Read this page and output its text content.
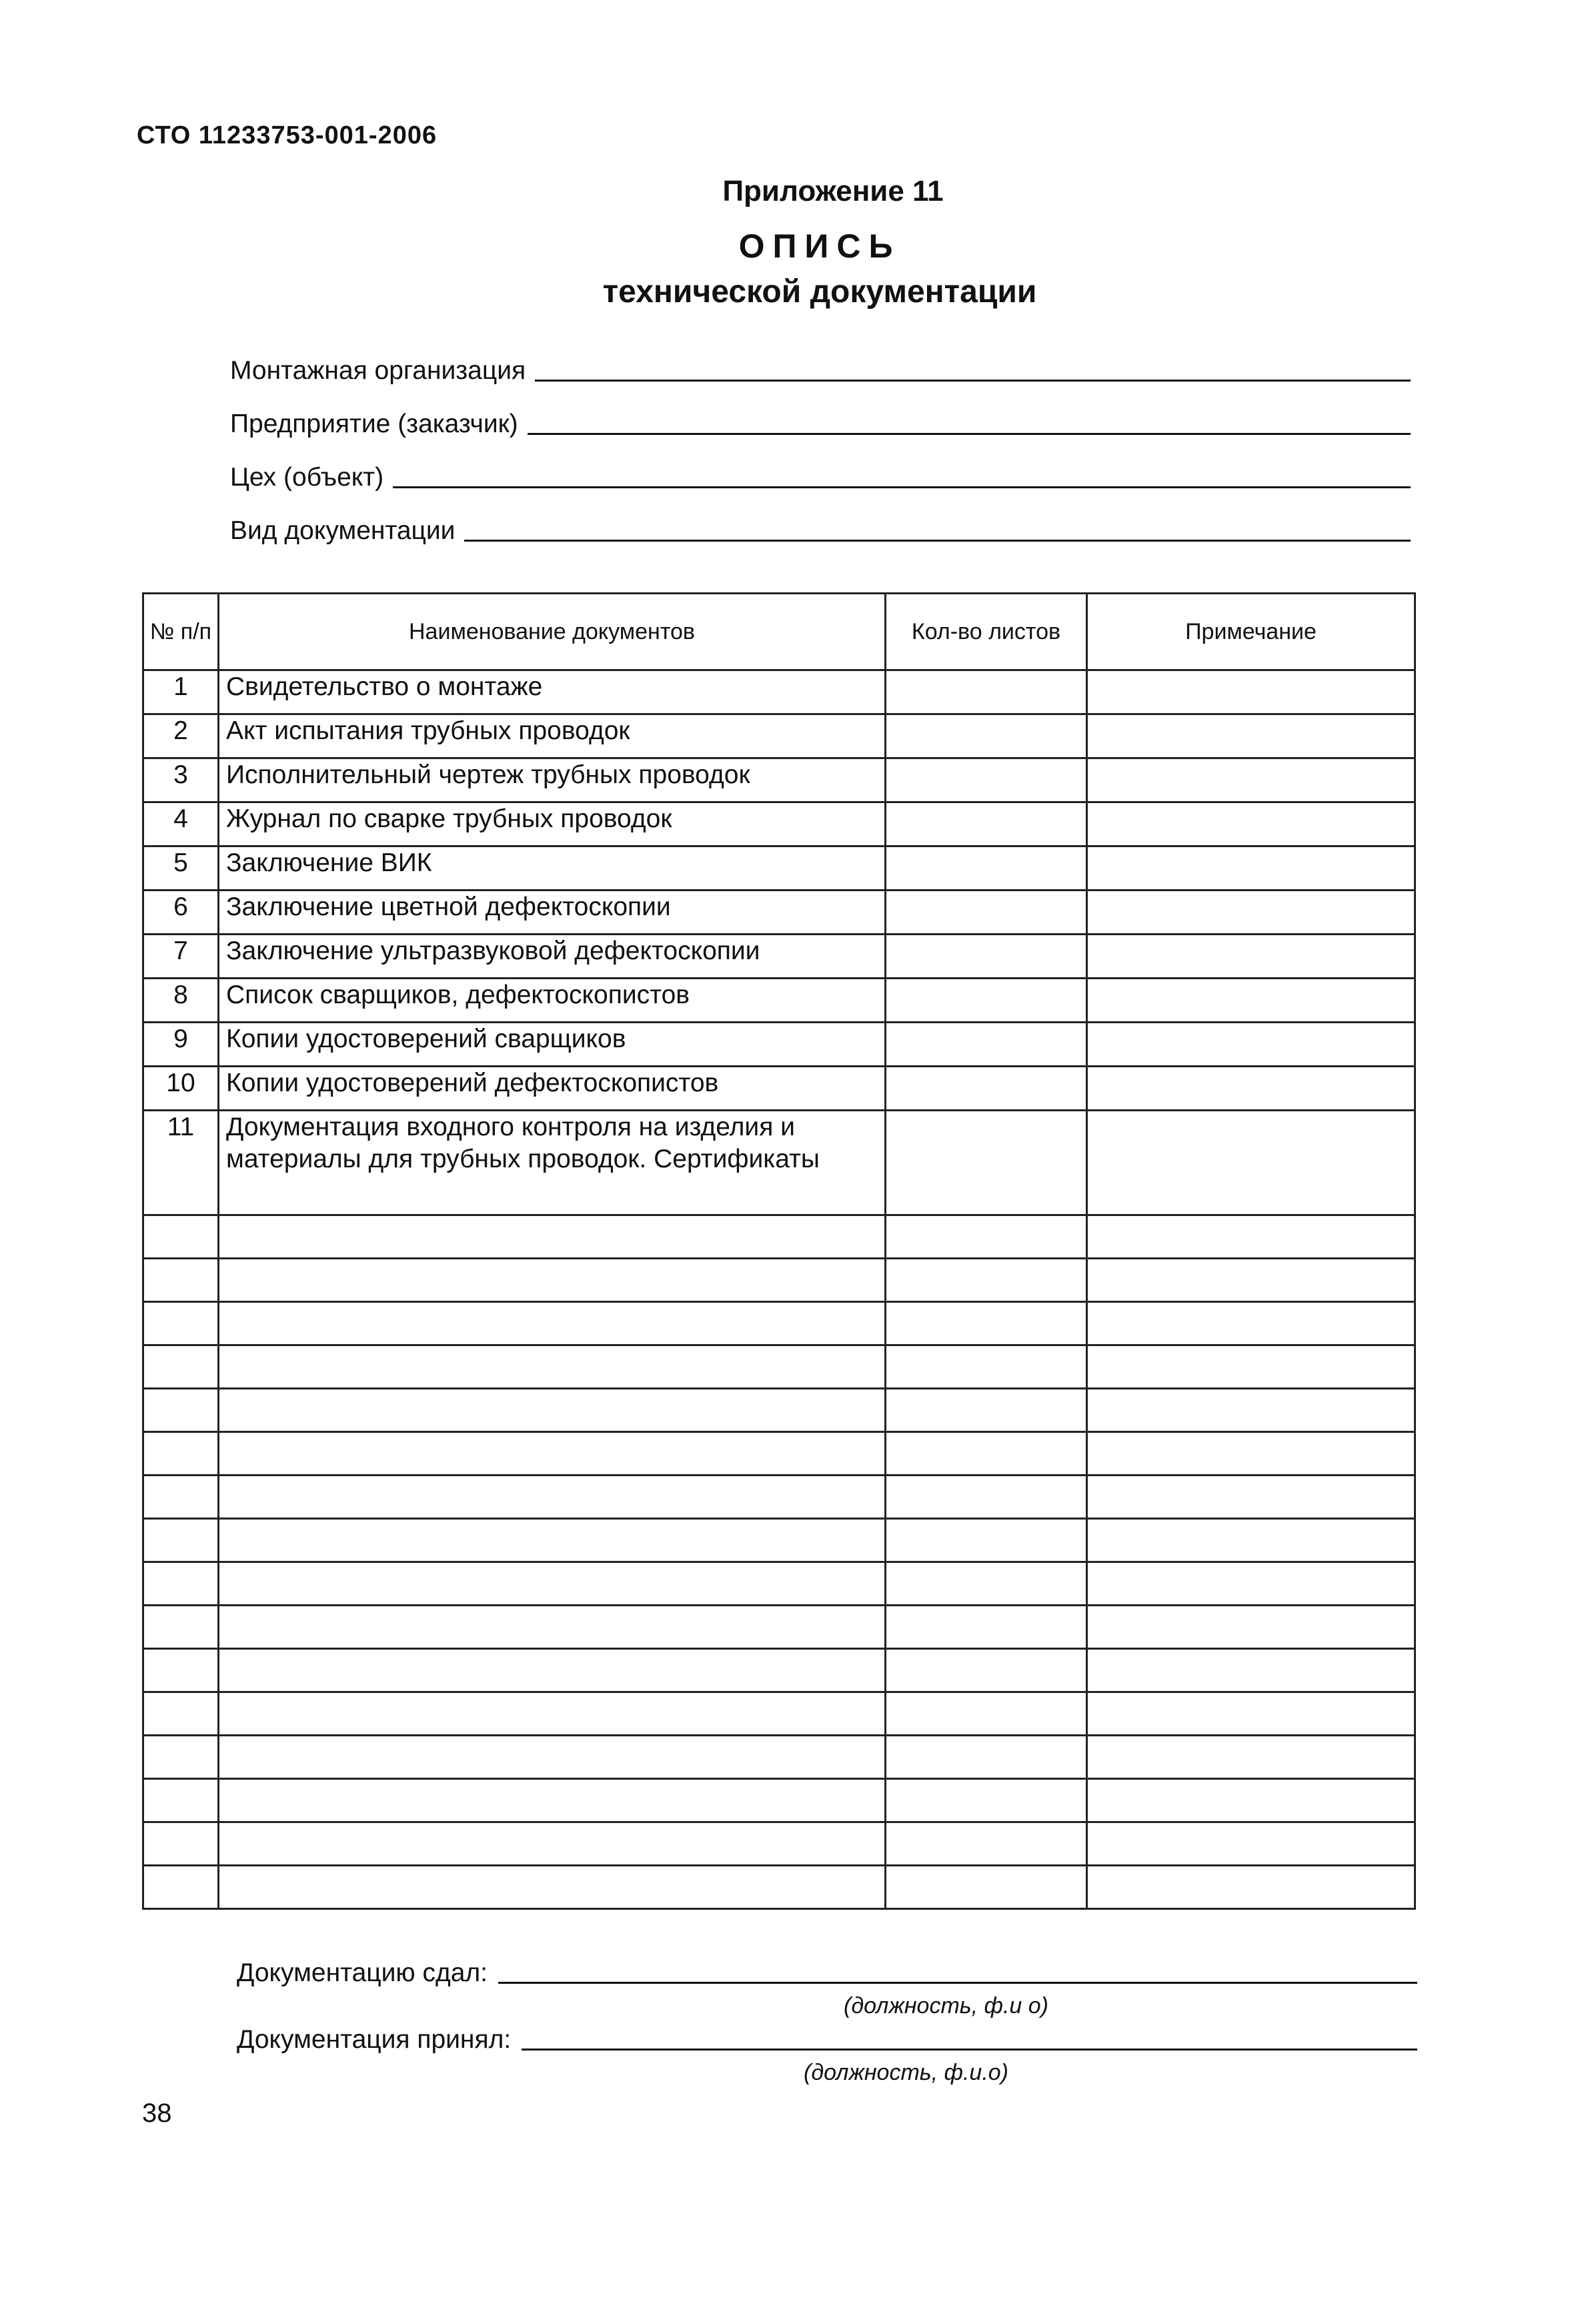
СТО 11233753-001-2006
Приложение 11
ОПИСЬ
технической документации
Монтажная организация
Предприятие (заказчик)
Цех (объект)
Вид документации
№ п/п	Наименование документов	Кол-во листов	Примечание
1	Свидетельство о монтаже		
2	Акт испытания трубных проводок		
3	Исполнительный чертеж трубных проводок		
4	Журнал по сварке трубных проводок		
5	Заключение ВИК		
6	Заключение цветной дефектоскопии		
7	Заключение ультразвуковой дефектоскопии		
8	Список сварщиков, дефектоскопистов		
9	Копии удостоверений сварщиков		
10	Копии удостоверений дефектоскопистов		
11	Документация входного контроля на изделия и материалы для трубных проводок. Сертификаты		

Документацию сдал:
(должность, ф.и о)
Документация принял:
(должность, ф.и.о)
38
